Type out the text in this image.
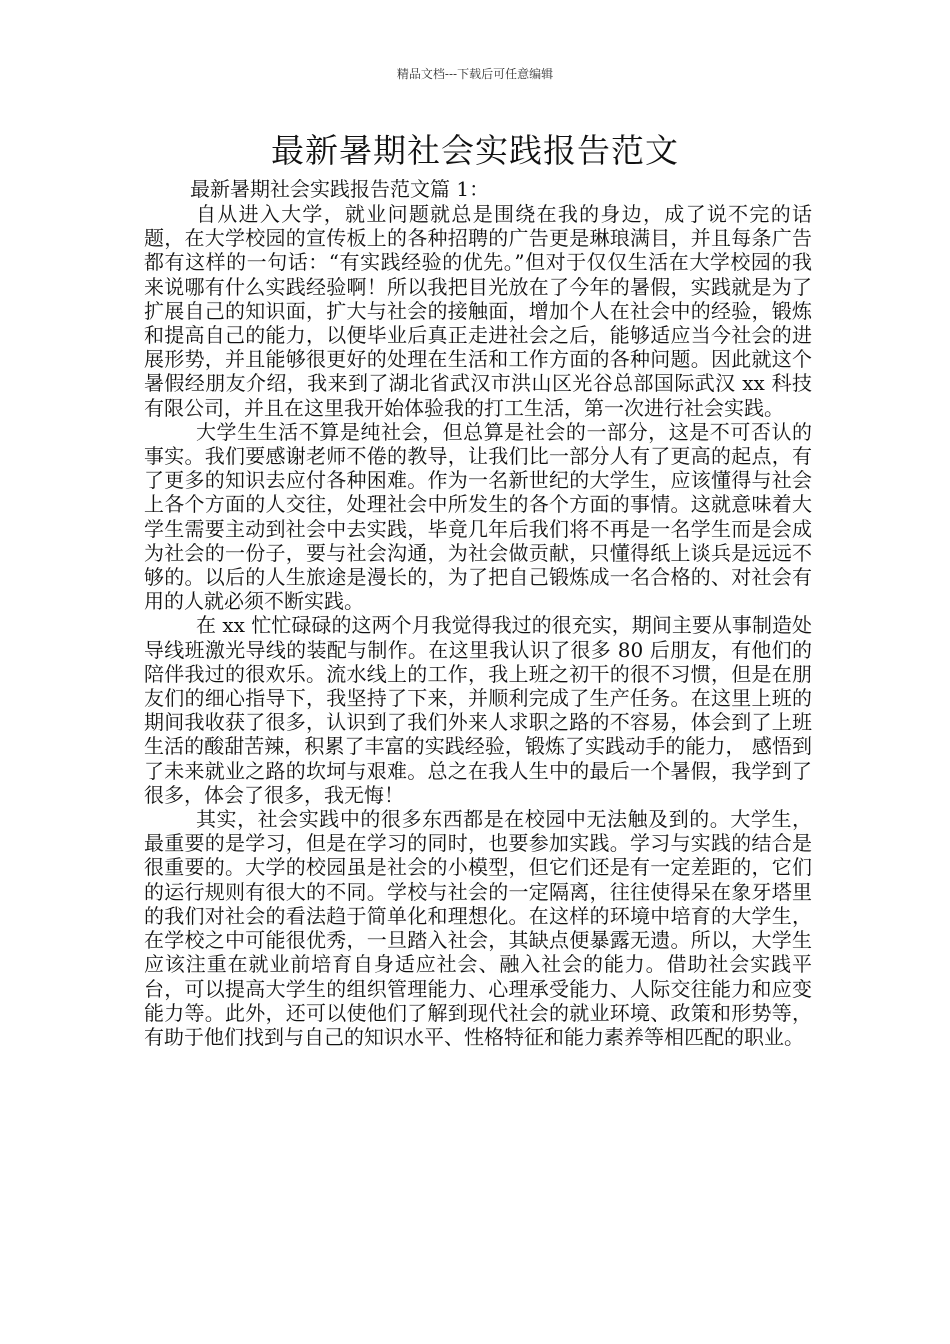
精品文档---下载后可任意编辑
最新暑期社会实践报告范文

最新暑期社会实践报告范文篇 1：

自从进入大学，就业问题就总是围绕在我的身边，成了说不完的话题，在大学校园的宣传板上的各种招聘的广告更是琳琅满目，并且每条广告都有这样的一句话：“有实践经验的优先。”但对于仅仅生活在大学校园的我来说哪有什么实践经验啊！所以我把目光放在了今年的暑假，实践就是为了扩展自己的知识面，扩大与社会的接触面，增加个人在社会中的经验，锻炼和提高自己的能力，以便毕业后真正走进社会之后，能够适应当今社会的进展形势，并且能够很更好的处理在生活和工作方面的各种问题。因此就这个暑假经朋友介绍，我来到了湖北省武汉市洪山区光谷总部国际武汉 xx 科技有限公司，并且在这里我开始体验我的打工生活，第一次进行社会实践。

大学生生活不算是纯社会，但总算是社会的一部分，这是不可否认的事实。我们要感谢老师不倦的教导，让我们比一部分人有了更高的起点，有了更多的知识去应付各种困难。作为一名新世纪的大学生，应该懂得与社会上各个方面的人交往，处理社会中所发生的各个方面的事情。这就意味着大学生需要主动到社会中去实践，毕竟几年后我们将不再是一名学生而是会成为社会的一份子，要与社会沟通，为社会做贡献，只懂得纸上谈兵是远远不够的。以后的人生旅途是漫长的，为了把自己锻炼成一名合格的、对社会有用的人就必须不断实践。

在 xx 忙忙碌碌的这两个月我觉得我过的很充实，期间主要从事制造处导线班激光导线的装配与制作。在这里我认识了很多 80 后朋友，有他们的陪伴我过的很欢乐。流水线上的工作，我上班之初干的很不习惯，但是在朋友们的细心指导下，我坚持了下来，并顺利完成了生产任务。在这里上班的期间我收获了很多，认识到了我们外来人求职之路的不容易，体会到了上班生活的酸甜苦辣，积累了丰富的实践经验，锻炼了实践动手的能力， 感悟到了未来就业之路的坎坷与艰难。总之在我人生中的最后一个暑假，我学到了很多，体会了很多，我无悔！

其实，社会实践中的很多东西都是在校园中无法触及到的。大学生，最重要的是学习，但是在学习的同时，也要参加实践。学习与实践的结合是很重要的。大学的校园虽是社会的小模型，但它们还是有一定差距的，它们的运行规则有很大的不同。学校与社会的一定隔离，往往使得呆在象牙塔里的我们对社会的看法趋于简单化和理想化。在这样的环境中培育的大学生，在学校之中可能很优秀，一旦踏入社会，其缺点便暴露无遗。所以，大学生应该注重在就业前培育自身适应社会、融入社会的能力。借助社会实践平台，可以提高大学生的组织管理能力、心理承受能力、人际交往能力和应变能力等。此外，还可以使他们了解到现代社会的就业环境、政策和形势等，有助于他们找到与自己的知识水平、性格特征和能力素养等相匹配的职业。
